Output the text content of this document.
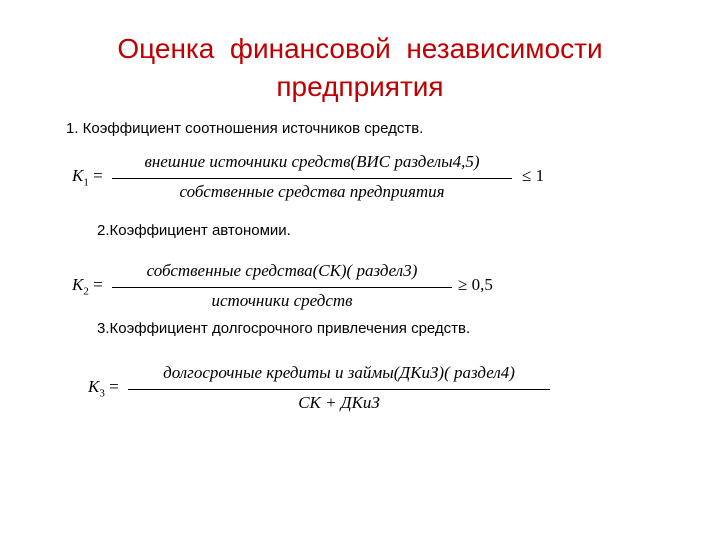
Оценка  финансовой  независимости
предприятия
1. Коэффициент соотношения источников средств.
$K_1$ =
внешние источники средств(ВИС разделы4,5)
собственные средства предприятия
≤ 1
2.Коэффициент автономии.
$K_2$ =
собственные средства(СК)( раздел3)
источники средств
≥ 0,5
3.Коэффициент долгосрочного привлечения средств.
$K_3$ =
долгосрочные кредиты и займы(ДКиЗ)( раздел4)
СК + ДКиЗ
